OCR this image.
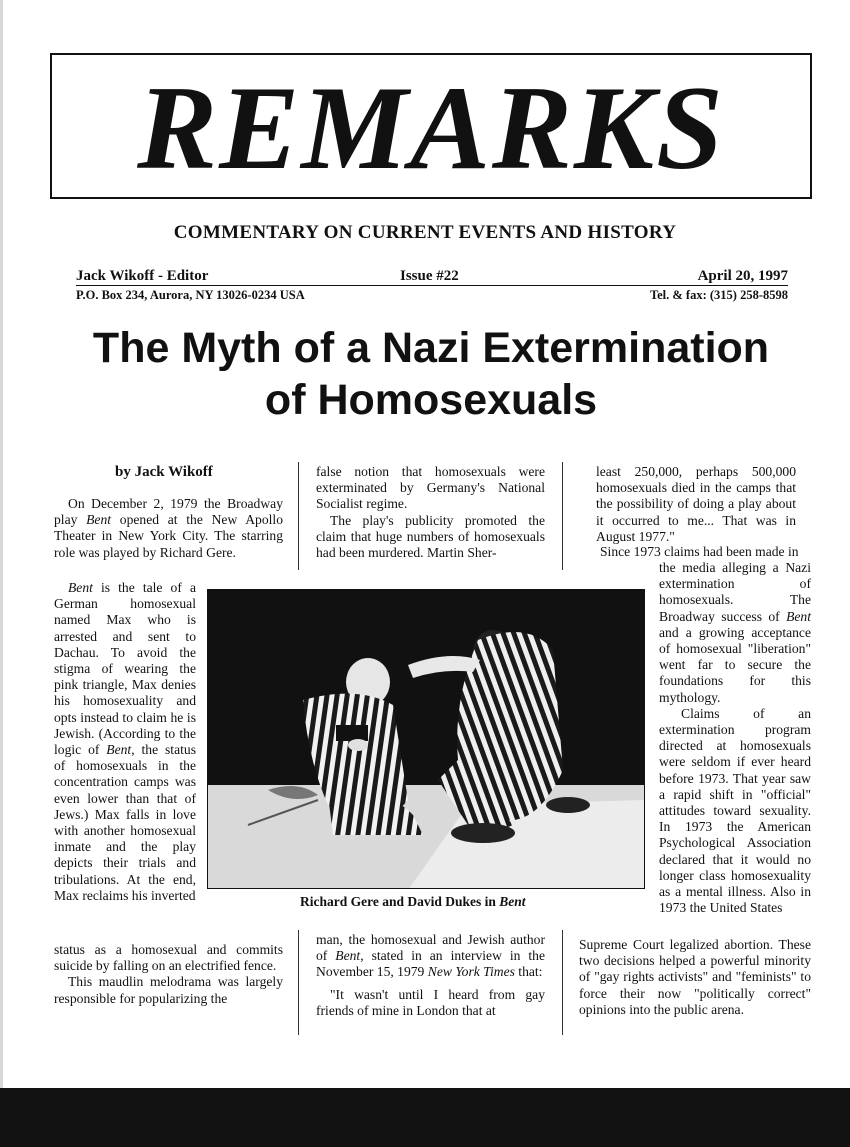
REMARKS
COMMENTARY ON CURRENT EVENTS AND HISTORY
Jack Wikoff - Editor	Issue #22	April 20, 1997
P.O. Box 234, Aurora, NY 13026-0234 USA	Tel. & fax: (315) 258-8598
The Myth of a Nazi Extermination
of Homosexuals
by Jack Wikoff

On December 2, 1979 the Broadway play Bent opened at the New Apollo Theater in New York City. The starring role was played by Richard Gere.

Bent is the tale of a German homosexual named Max who is arrested and sent to Dachau. To avoid the stigma of wearing the pink triangle, Max denies his homosexuality and opts instead to claim he is Jewish. (According to the logic of Bent, the status of homosexuals in the concentration camps was even lower than that of Jews.) Max falls in love with another homosexual inmate and the play depicts their trials and tribulations. At the end, Max reclaims his inverted

status as a homosexual and commits suicide by falling on an electrified fence.

This maudlin melodrama was largely responsible for popularizing the

false notion that homosexuals were exterminated by Germany's National Socialist regime.

The play's publicity promoted the claim that huge numbers of homosexuals had been murdered. Martin Sher-

man, the homosexual and Jewish author of Bent, stated in an interview in the November 15, 1979 New York Times that:

"It wasn't until I heard from gay friends of mine in London that at

least 250,000, perhaps 500,000 homosexuals died in the camps that the possibility of doing a play about it occurred to me... That was in August 1977."

Since 1973 claims had been made in

the media alleging a Nazi extermination of homosexuals. The Broadway success of Bent and a growing acceptance of homosexual "liberation" went far to secure the foundations for this mythology.

Claims of an extermination program directed at homosexuals were seldom if ever heard before 1973. That year saw a rapid shift in "official" attitudes toward sexuality. In 1973 the American Psychological Association declared that it would no longer class homosexuality as a mental illness. Also in 1973 the United States

Supreme Court legalized abortion. These two decisions helped a powerful minority of "gay rights activists" and "feminists" to force their now "politically correct" opinions into the public arena.

Richard Gere and David Dukes in Bent
